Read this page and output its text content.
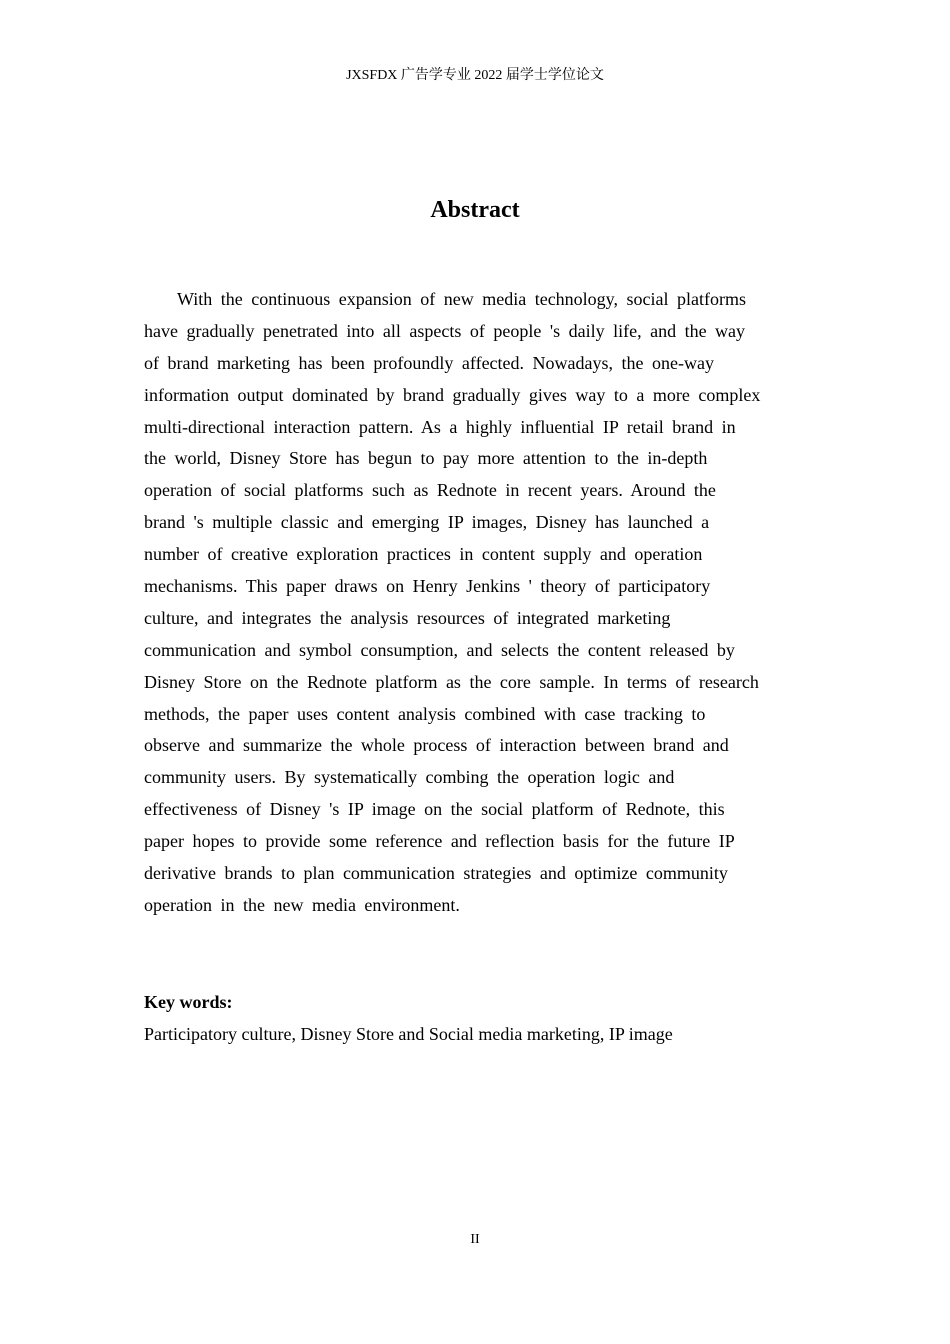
JXSFDX 广告学专业 2022 届学士学位论文
Abstract
With the continuous expansion of new media technology, social platforms
have gradually penetrated into all aspects of people 's daily life, and the way
of brand marketing has been profoundly affected. Nowadays, the one-way
information output dominated by brand gradually gives way to a more complex
multi-directional interaction pattern. As a highly influential IP retail brand in
the world, Disney Store has begun to pay more attention to the in-depth
operation of social platforms such as Rednote in recent years. Around the
brand 's multiple classic and emerging IP images, Disney has launched a
number of creative exploration practices in content supply and operation
mechanisms. This paper draws on Henry Jenkins ' theory of participatory
culture, and integrates the analysis resources of integrated marketing
communication and symbol consumption, and selects the content released by
Disney Store on the Rednote platform as the core sample. In terms of research
methods, the paper uses content analysis combined with case tracking to
observe and summarize the whole process of interaction between brand and
community users. By systematically combing the operation logic and
effectiveness of Disney 's IP image on the social platform of Rednote, this
paper hopes to provide some reference and reflection basis for the future IP
derivative brands to plan communication strategies and optimize community
operation in the new media environment.
Key words:
Participatory culture, Disney Store and Social media marketing, IP image
II
